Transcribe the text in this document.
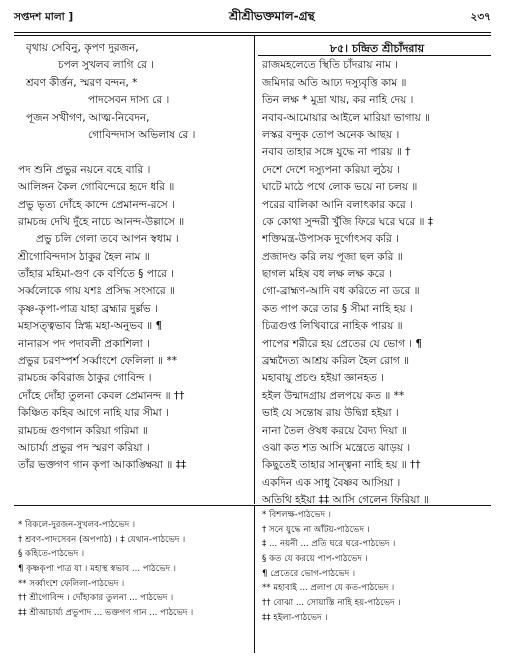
সপ্তদশ মালা ]	শ্রীশ্রীভক্তমাল-গ্রন্থ	২৩৭
বৃথায় সেবিনু, কৃপণ দুরজন,
চপল সুখলব লাগি রে ।
শ্রবণ কীর্ত্তন, স্মরণ বন্দন, *
পাদসেবন দাস্য রে ।
পূজন সখীগণ, আত্ম-নিবেদন,
গোবিন্দদাস অভিলাষ রে ।
পদ শুনি প্রভুর নয়নে বহে বারি ।
আলিঙ্গন কৈল গোবিন্দেরে হৃদে ধরি ॥
প্রভু ভৃত্য দোঁহে কান্দে প্রেমানন্দ-রসে ।
রামচন্দ্র দেখি দুঁহে নাচে আনন্দ-উল্লাসে ॥
প্রভু চলি গেলা তবে আপন স্বধাম ।
শ্রীগোবিন্দদাস ঠাকুর হৈল নাম ॥
তাঁহার মহিমা-গুণ কে বর্ণিতে § পারে ।
সর্ব্বলোকে গায় যশঃ প্রসিদ্ধ সংসারে ॥
কৃষ্ণ-কৃপা-পাত্র যাহা ব্রহ্মার দুর্ল্লভ ।
মহাসত্ত্বভাব স্নিগ্ধ মহা-অনুভব ॥ ¶
নানারস পদ পদাবলী প্রকাশিলা ।
প্রভুর চরণস্পর্শ সর্ব্বাংশে ফেলিলা ॥ **
রামচন্দ্র কবিরাজ ঠাকুর গোবিন্দ ।
দোঁহে দোঁহা তুলনা কেবল প্রেমানন্দ ॥ ††
কিঞ্চিত কহিব আগে নাহি যার সীমা ।
রামচন্দ্র গুণগান করিয়া গরিমা ॥
আচার্য্য প্রভুর পদ স্মরণ করিয়া ।
তাঁর ভক্তগণ গান কৃপা আকাঙ্ক্ষিয়া ॥ ‡‡
৮৫। চন্দ্রিত শ্রীচাঁদরায়
রাজমহলেতে স্থিতি চাঁদরায় নাম ।
জমিদার অতি আঢ্য দস্যুবৃত্তি কাম ॥
তিন লক্ষ * মুদ্রা খায়, কর নাহি দেয় ।
নবাব-আমোয়ার আইলে মারিয়া ভাগায় ॥
লস্কর বন্দুক তোপ অনেক আছয় ।
নবাব তাহার সঙ্গে যুদ্ধে না পারয় ॥ †
দেশে দেশে দস্যুপনা করিয়া লুঠয় ।
ঘাটে মাঠে পথে লোক ভয়ে না চলয় ॥
পরের বালিকা আনি বলাৎকার করে ।
কে কোথা সুন্দরী খুঁজি ফিরে ঘরে ঘরে ॥ ‡
শক্তিমন্ত্র-উপাসক দুর্গোৎসব করি ।
প্রজাদণ্ড করি লয় পূজা ছল করি ॥
ছাগল মহিষ বধ লক্ষ লক্ষ করে ।
গো-ব্রাহ্মণ-আদি বধ করিতে না ডরে ॥
কত পাপ করে তার § সীমা নাহি হয় ।
চিত্রগুপ্ত লিখিবারে নাহিক পারয় ॥
পাপের শরীরে হয় প্রেতের যে ভোগ । ¶
ব্রহ্মদৈত্য আশ্রয় করিল হৈল রোগ ॥
মহাবায়ু প্রচণ্ড হইয়া জ্ঞানহত ।
হইল উন্মাদগ্রায় প্রলপয়ে কত ॥ **
ভাই যে সন্তোষ রায় উদ্বিগ্ন হইয়া ।
নানা তৈল ঔষধ করয়ে বৈদ্য দিয়া ॥
ওঝা কত শত আসি মন্ত্রেতে ঝাড়য় ।
কিছুতেই তাহার সান্ত্বনা নাহি হয় ॥ ††
একদিন এক সাধু বৈষ্ণব আসিয়া ।
অতিথি হইয়া ‡‡ আসি গেলেন ফিরিয়া ॥
* বিকলে-দুরজন-সুখলব-পাঠভেদ ।
† শ্রবণ-পাদসেবন (অপপাঠ) । ‡ যেথান-পাঠভেদ ।
§ কহিতে-পাঠভেদ ।
¶ কৃষ্ণকৃপা পাত্র যা । মহাস্থ স্বভাব ... পাঠভেদ ।
** সর্ব্বাংশে ফেলিলা-পাঠভেদ ।
†† শ্রীগোবিন্দ । দোঁহাকার তুলনা ... পাঠভেদ ।
‡‡ শ্রীআচার্য্য প্রভুপাদ ... ভক্তগণ গান ... পাঠভেদ ।
* বিশলক্ষ-পাঠভেদ ।
† সনে যুদ্ধে না আঁটয়-পাঠভেদ ।
‡ ... নয়নী ... প্রতি ঘরে ঘরে-পাঠভেদ ।
§ কত যে করয়ে পাপ-পাঠভেদ ।
¶ প্রেতেরে ভোগ-পাঠভেদ ।
** মহাবাই ... প্রলাপ যে কত-পাঠভেদ ।
†† বোঝা ... সোয়াস্তি নাহি হয়-পাঠভেদ ।
‡‡ হইলা-পাঠভেদ ।
